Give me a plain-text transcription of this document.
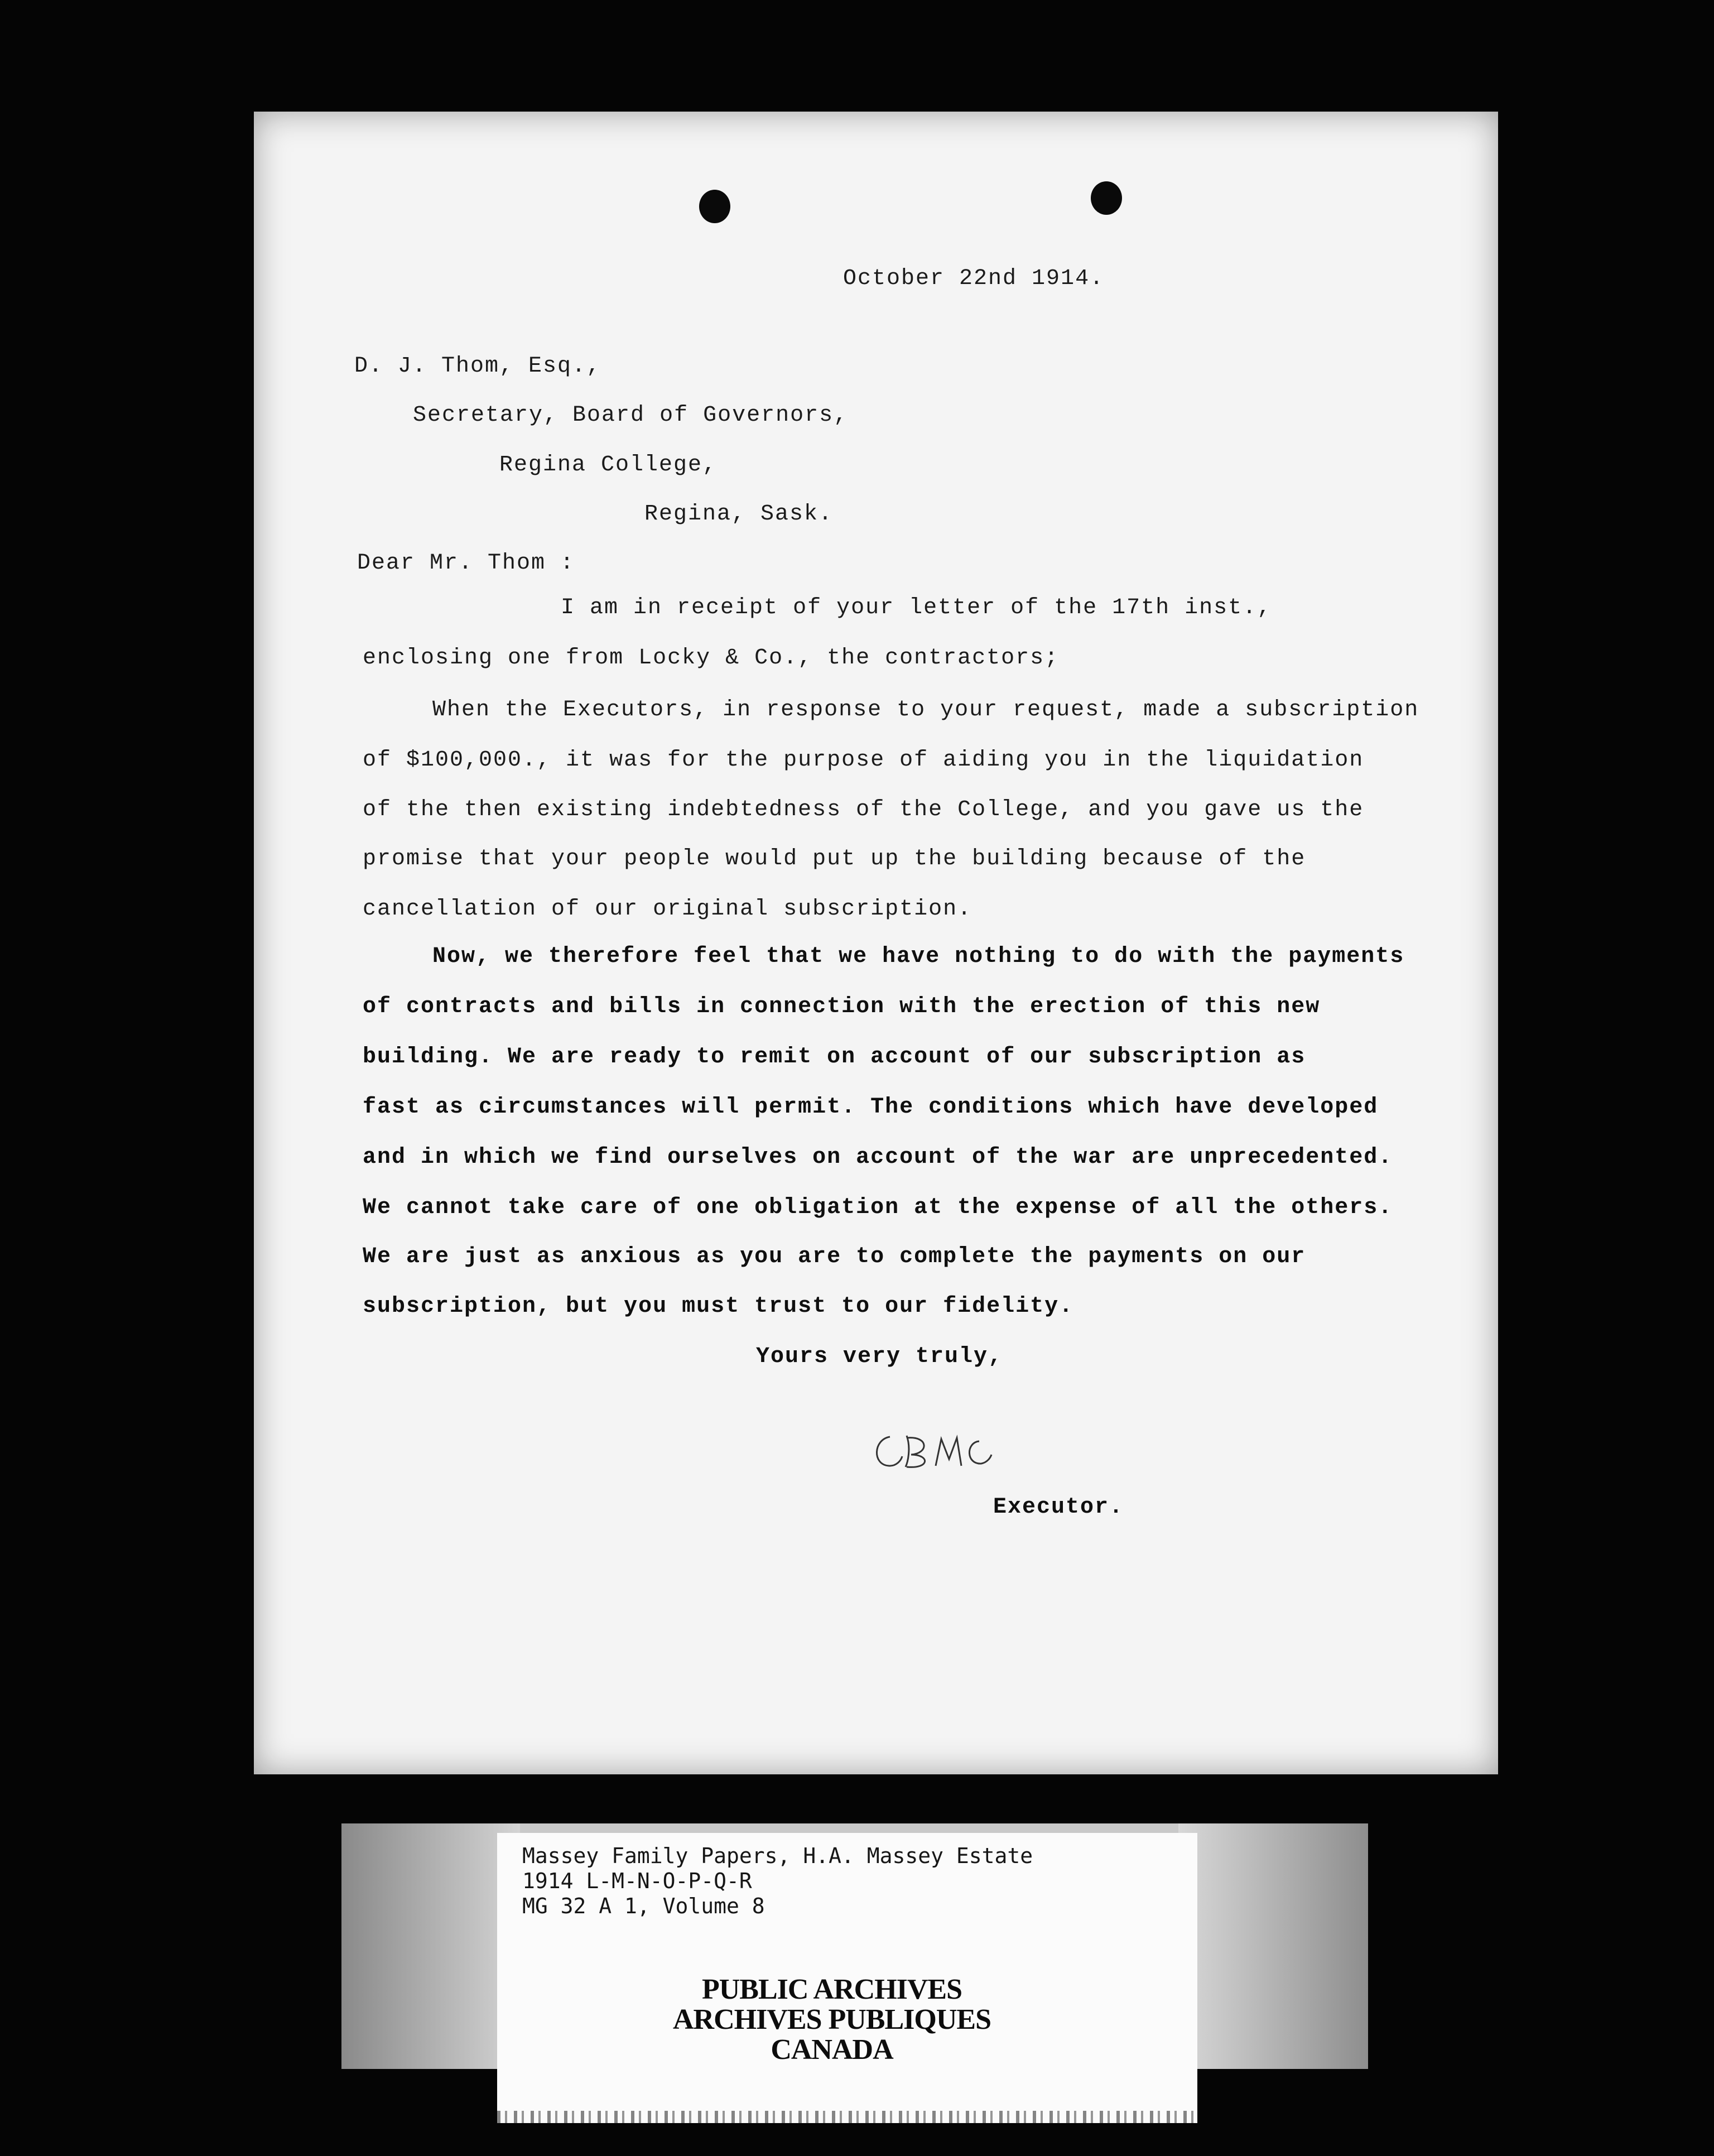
October 22nd 1914.
D. J. Thom, Esq.,
Secretary, Board of Governors,
Regina College,
Regina, Sask.
Dear Mr. Thom :
I am in receipt of your letter of the 17th inst.,
enclosing one from Locky & Co., the contractors;
When the Executors, in response to your request, made a subscription
of $100,000., it was for the purpose of aiding you in the liquidation
of the then existing indebtedness of the College, and you gave us the
promise that your people would put up the building because of the
cancellation of our original subscription.
Now, we therefore feel that we have nothing to do with the payments
of contracts and bills in connection with the erection of this new
building. We are ready to remit on account of our subscription as
fast as circumstances will permit. The conditions which have developed
and in which we find ourselves on account of the war are unprecedented.
We cannot take care of one obligation at the expense of all the others.
We are just as anxious as you are to complete the payments on our
subscription, but you must trust to our fidelity.
Yours very truly,
Executor.
Massey Family Papers, H.A. Massey Estate
1914 L-M-N-O-P-Q-R
MG 32 A 1, Volume 8
PUBLIC ARCHIVES
ARCHIVES PUBLIQUES
CANADA
